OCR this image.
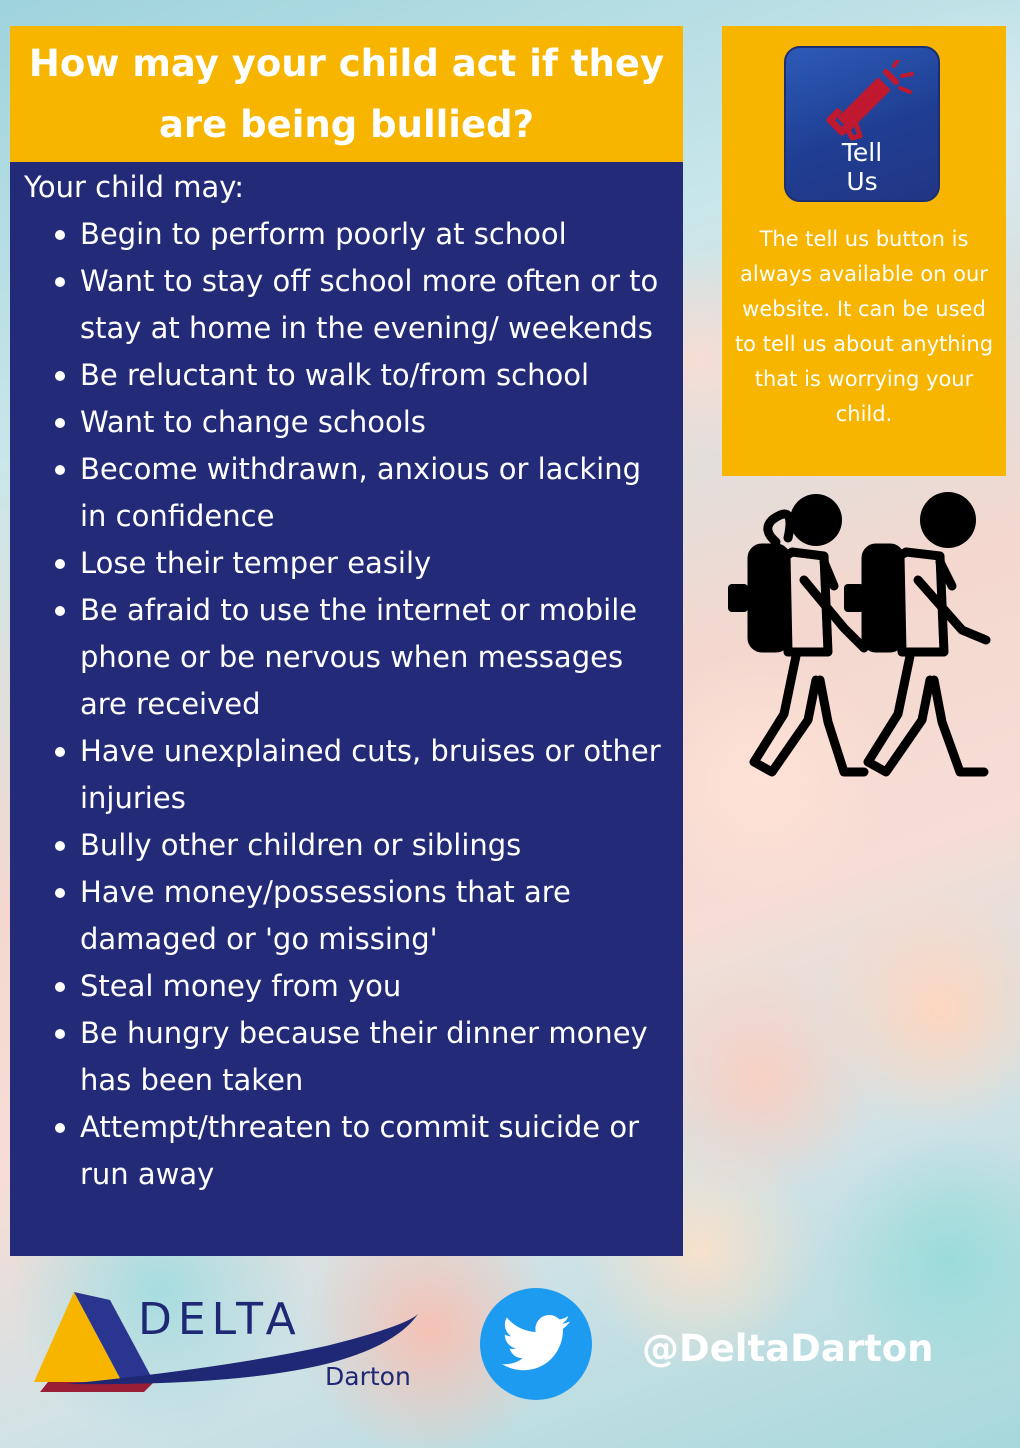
How may your child act if they are being bullied?

Your child may:

Begin to perform poorly at school
Want to stay off school more often or to stay at home in the evening/ weekends
Be reluctant to walk to/from school
Want to change schools
Become withdrawn, anxious or lacking in confidence
Lose their temper easily
Be afraid to use the internet or mobile phone or be nervous when messages are received
Have unexplained cuts, bruises or other injuries
Bully other children or siblings
Have money/possessions that are damaged or 'go missing'
Steal money from you
Be hungry because their dinner money has been taken
Attempt/threaten to commit suicide or run away
Tell
Us
The tell us button is always available on our website. It can be used to tell us about anything that is worrying your child.
DELTA
Darton
@DeltaDarton
